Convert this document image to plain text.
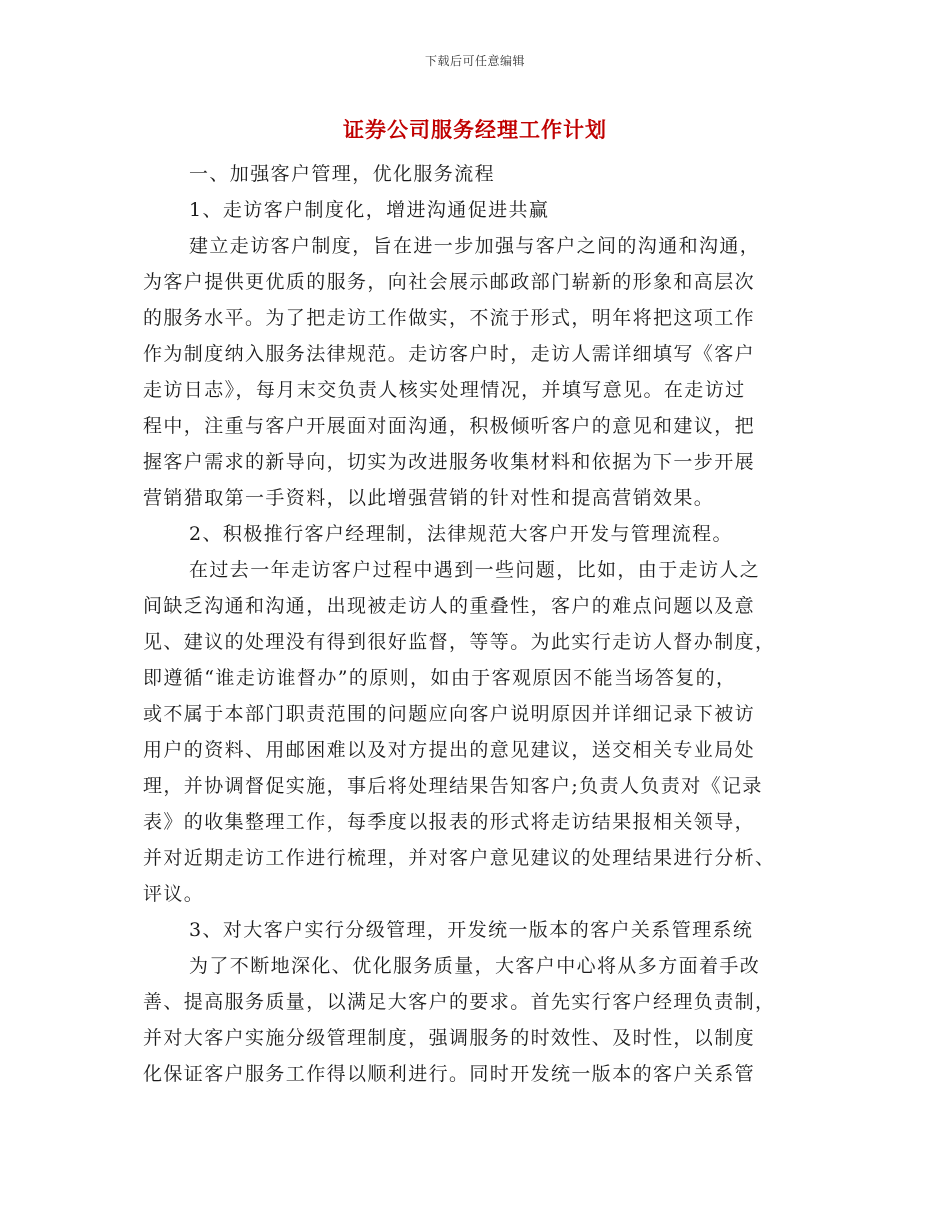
下载后可任意编辑
证券公司服务经理工作计划
一、加强客户管理，优化服务流程
1、走访客户制度化，增进沟通促进共赢
建立走访客户制度，旨在进一步加强与客户之间的沟通和沟通，
为客户提供更优质的服务，向社会展示邮政部门崭新的形象和高层次
的服务水平。为了把走访工作做实，不流于形式，明年将把这项工作
作为制度纳入服务法律规范。走访客户时，走访人需详细填写《客户
走访日志》，每月末交负责人核实处理情况，并填写意见。在走访过
程中，注重与客户开展面对面沟通，积极倾听客户的意见和建议，把
握客户需求的新导向，切实为改进服务收集材料和依据为下一步开展
营销猎取第一手资料，以此增强营销的针对性和提高营销效果。
2、积极推行客户经理制，法律规范大客户开发与管理流程。
在过去一年走访客户过程中遇到一些问题，比如，由于走访人之
间缺乏沟通和沟通，出现被走访人的重叠性，客户的难点问题以及意
见、建议的处理没有得到很好监督，等等。为此实行走访人督办制度，
即遵循“谁走访谁督办”的原则，如由于客观原因不能当场答复的，
或不属于本部门职责范围的问题应向客户说明原因并详细记录下被访
用户的资料、用邮困难以及对方提出的意见建议，送交相关专业局处
理，并协调督促实施，事后将处理结果告知客户;负责人负责对《记录
表》的收集整理工作，每季度以报表的形式将走访结果报相关领导，
并对近期走访工作进行梳理，并对客户意见建议的处理结果进行分析、
评议。
3、对大客户实行分级管理，开发统一版本的客户关系管理系统
为了不断地深化、优化服务质量，大客户中心将从多方面着手改
善、提高服务质量，以满足大客户的要求。首先实行客户经理负责制，
并对大客户实施分级管理制度，强调服务的时效性、及时性，以制度
化保证客户服务工作得以顺利进行。同时开发统一版本的客户关系管
